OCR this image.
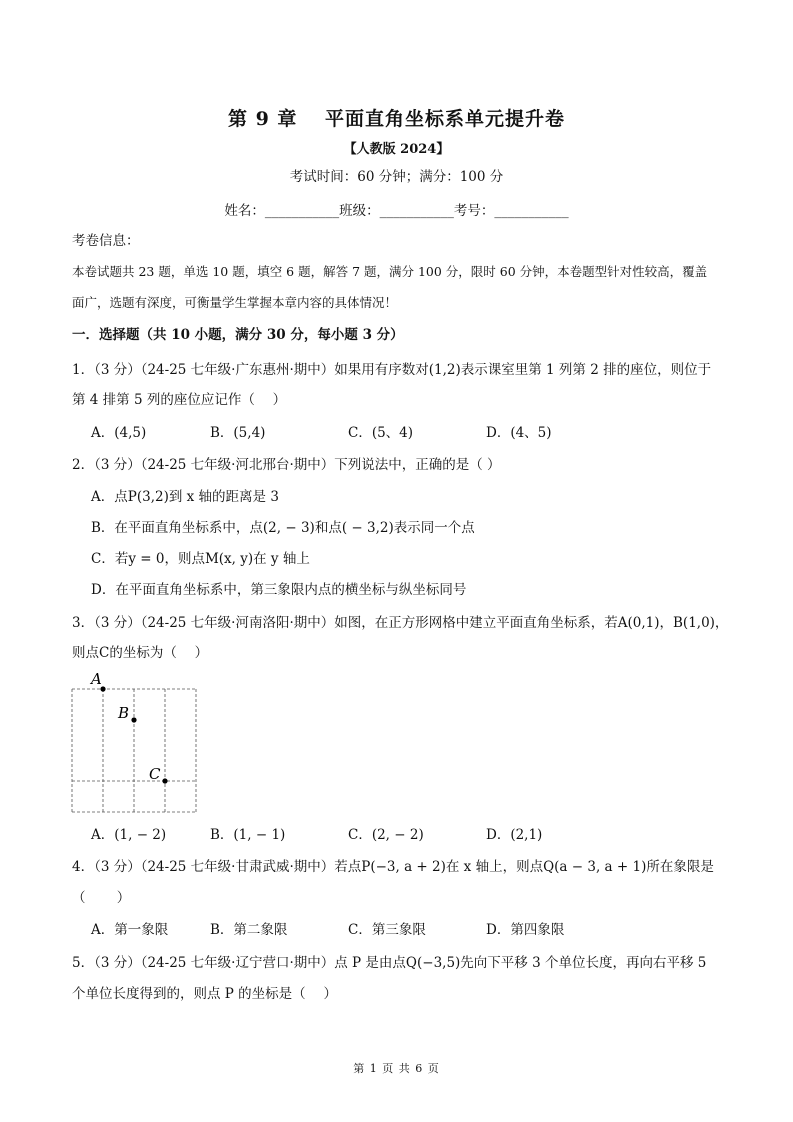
第 9 章　 平面直角坐标系单元提升卷
【人教版 2024】
考试时间：60 分钟；满分：100 分
姓名：___________班级：___________考号：___________
考卷信息：
本卷试题共 23 题，单选 10 题，填空 6 题，解答 7 题，满分 100 分，限时 60 分钟，本卷题型针对性较高，覆盖
面广，选题有深度，可衡量学生掌握本章内容的具体情况！
一．选择题（共 10 小题，满分 30 分，每小题 3 分）
1．（3 分）（24-25 七年级·广东惠州·期中）如果用有序数对(1,2)表示课室里第 1 列第 2 排的座位，则位于
第 4 排第 5 列的座位应记作（　 ）
A．(4,5)	B．(5,4)	C．(5、4)	D．(4、5)
2．（3 分）（24-25 七年级·河北邢台·期中）下列说法中，正确的是（ ）
A．点P(3,2)到 x 轴的距离是 3
B．在平面直角坐标系中，点(2, − 3)和点( − 3,2)表示同一个点
C．若y = 0，则点M(x, y)在 y 轴上
D．在平面直角坐标系中，第三象限内点的横坐标与纵坐标同号
3．（3 分）（24-25 七年级·河南洛阳·期中）如图，在正方形网格中建立平面直角坐标系，若A(0,1)，B(1,0)，
则点C的坐标为（　 ）
A
B
C
A．(1, − 2)	B．(1, − 1)	C．(2, − 2)	D．(2,1)
4．（3 分）（24-25 七年级·甘肃武威·期中）若点P(−3, a + 2)在 x 轴上，则点Q(a − 3, a + 1)所在象限是
（　　 ）
A．第一象限	B．第二象限	C．第三象限	D．第四象限
5．（3 分）（24-25 七年级·辽宁营口·期中）点 P 是由点Q(−3,5)先向下平移 3 个单位长度，再向右平移 5
个单位长度得到的，则点 P 的坐标是（　 ）
第 1 页 共 6 页
